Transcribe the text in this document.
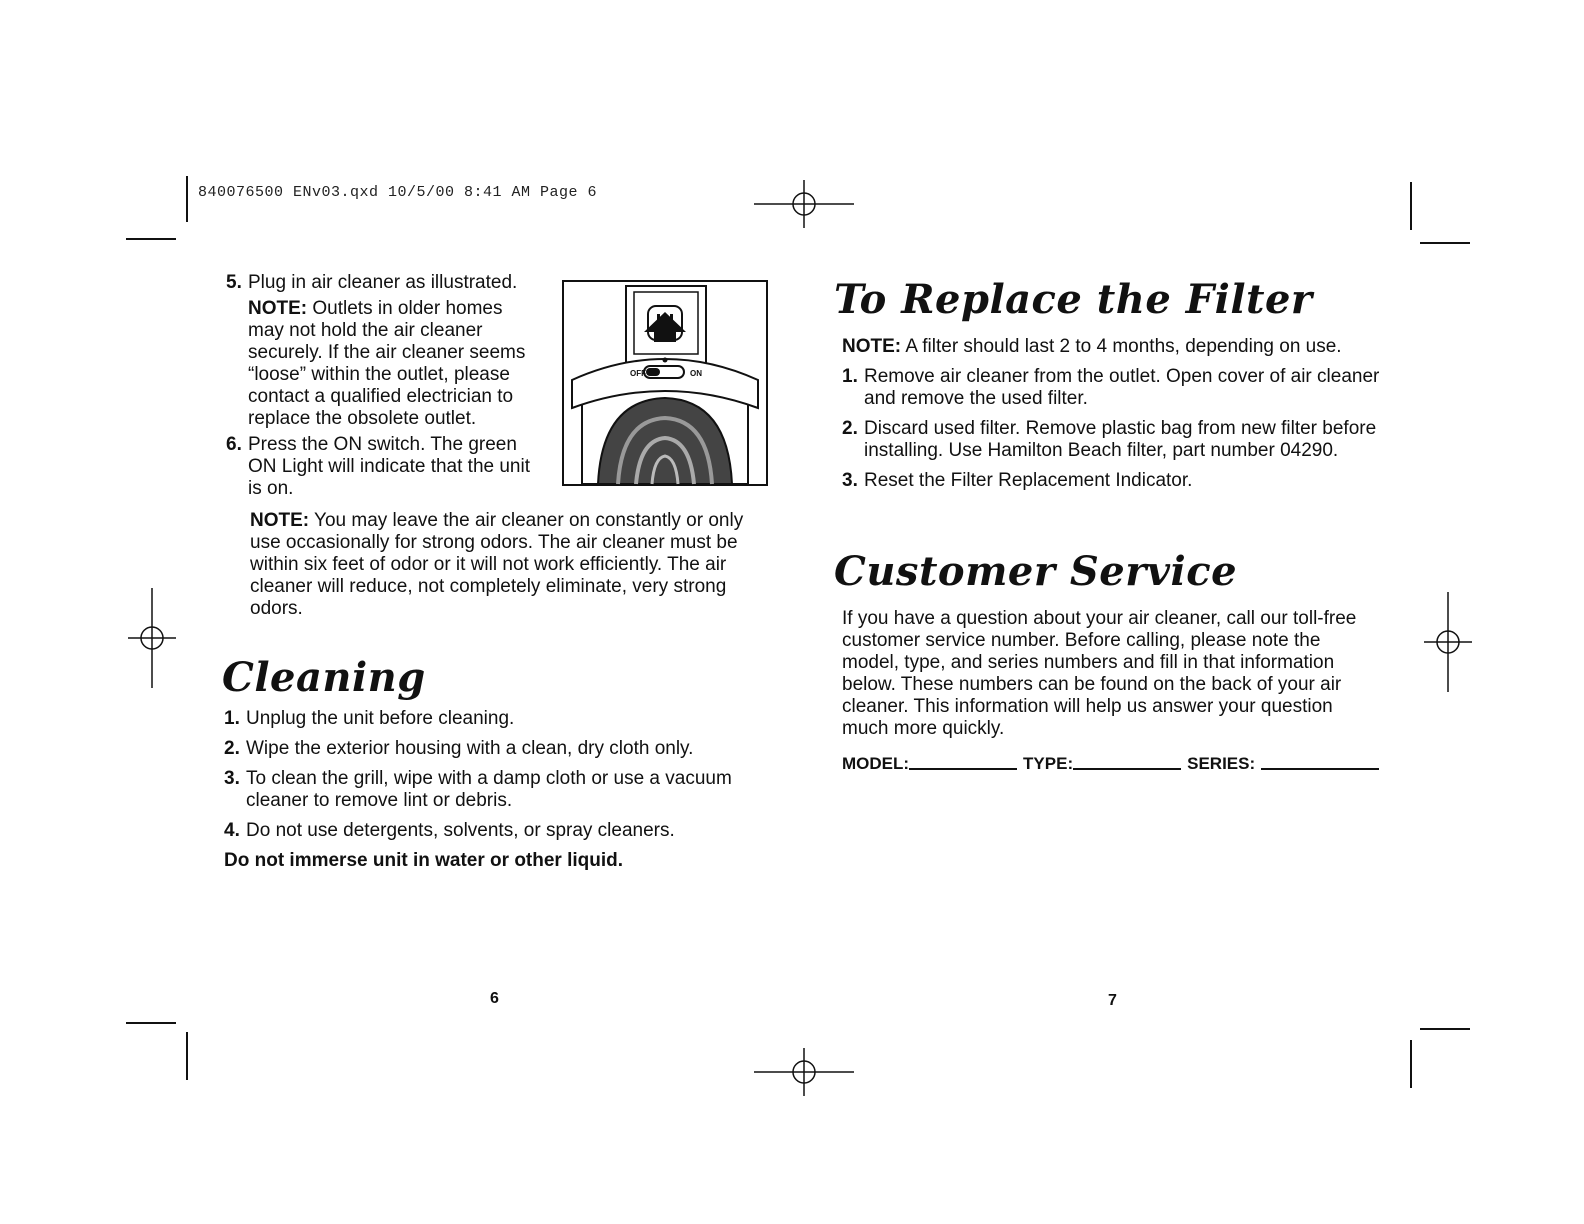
840076500 ENv03.qxd 10/5/00 8:41 AM Page 6
5. Plug in air cleaner as illustrated.
NOTE: Outlets in older homes may not hold the air cleaner securely. If the air cleaner seems “loose” within the outlet, please contact a qualified electrician to replace the obsolete outlet.
6. Press the ON switch. The green ON Light will indicate that the unit is on.
OFF	ON
NOTE: You may leave the air cleaner on constantly or only use occasionally for strong odors. The air cleaner must be within six feet of odor or it will not work efficiently. The air cleaner will reduce, not completely eliminate, very strong odors.
Cleaning
1. Unplug the unit before cleaning.
2. Wipe the exterior housing with a clean, dry cloth only.
3. To clean the grill, wipe with a damp cloth or use a vacuum cleaner to remove lint or debris.
4. Do not use detergents, solvents, or spray cleaners.
Do not immerse unit in water or other liquid.
To Replace the Filter
NOTE: A filter should last 2 to 4 months, depending on use.
1. Remove air cleaner from the outlet. Open cover of air cleaner and remove the used filter.
2. Discard used filter. Remove plastic bag from new filter before installing. Use Hamilton Beach filter, part number 04290.
3. Reset the Filter Replacement Indicator.
Customer Service
If you have a question about your air cleaner, call our toll-free customer service number. Before calling, please note the model, type, and series numbers and fill in that information below. These numbers can be found on the back of your air cleaner. This information will help us answer your question much more quickly.
MODEL:	TYPE:	SERIES:
6	7
